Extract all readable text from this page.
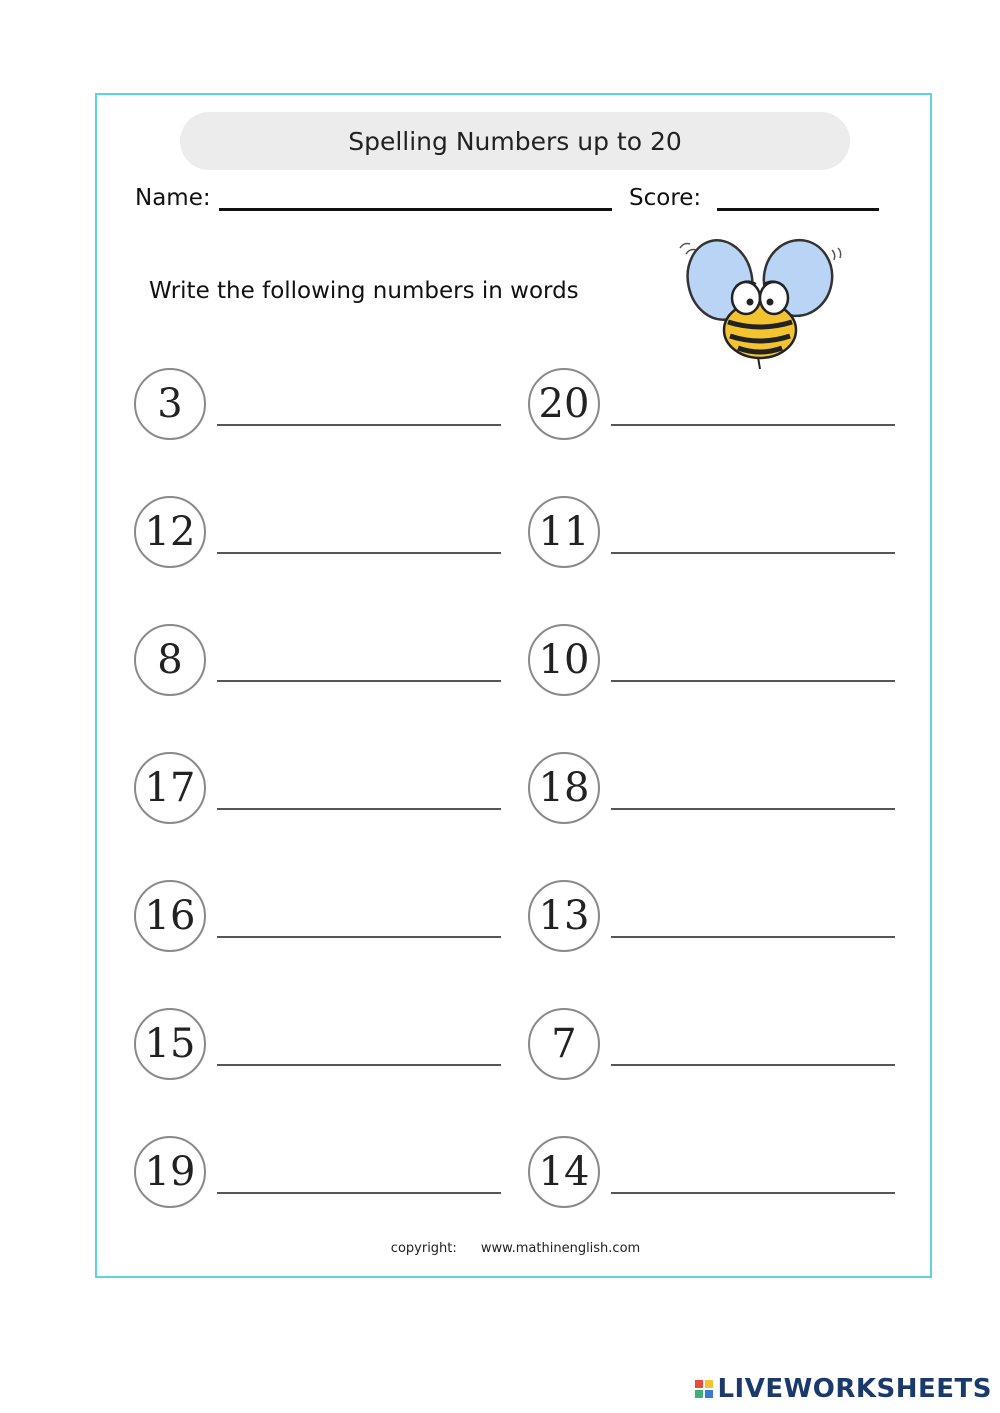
Spelling Numbers up to 20
Name:	Score:
Write the following numbers in words
3
12
8
17
16
15
19
20
11
10
18
13
7
14
copyright: www.mathinenglish.com
LIVEWORKSHEETS
